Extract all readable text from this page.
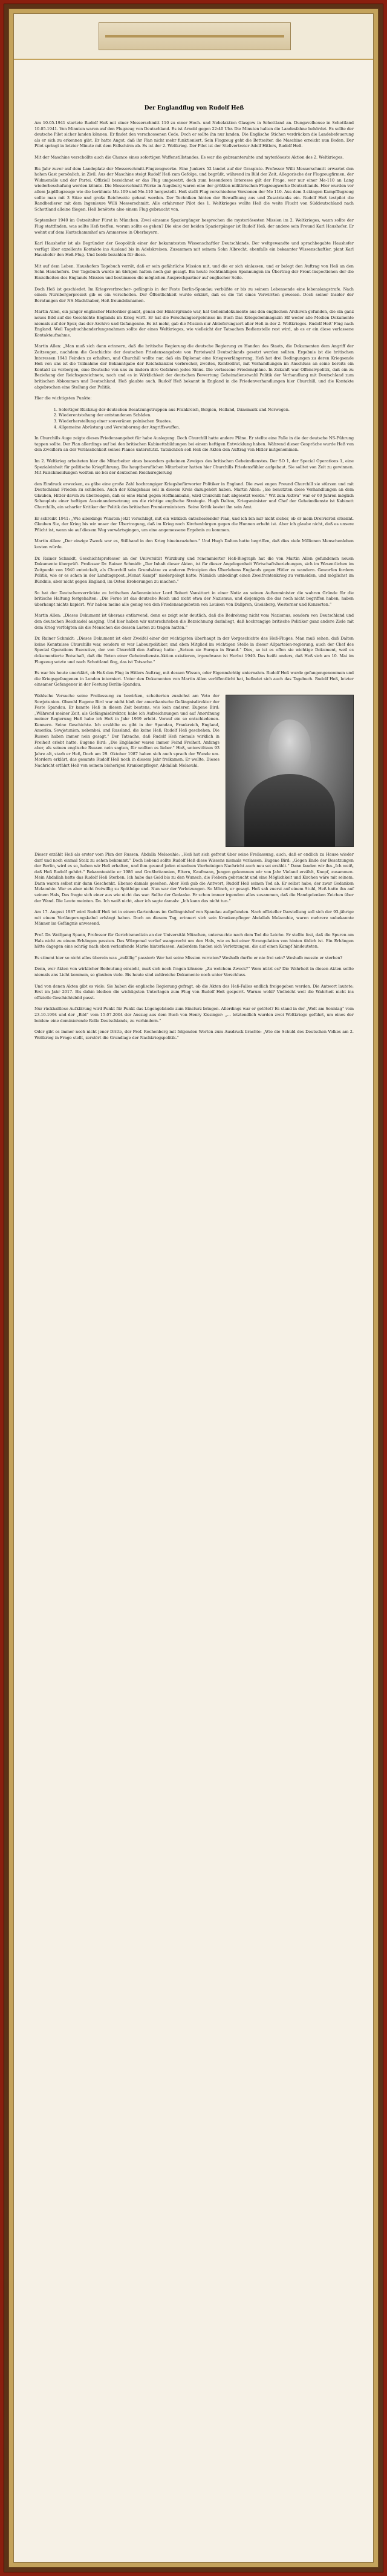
Der Englandflug von Rudolf Heß

Am 10.05.1941 startete Rudolf Heß mit einer Messerschmitt 110 zu einer Hoch- und Nebelaktion Glasgow in Schottland an. Dungavelhouse in Schottland 10.05.1941. Von Minuten waren auf den Flugzeug von Deutschland. Es ist Arnold gegen 22:40 Uhr. Die Minuten halten die Landesfahne behördet. Es sollte der deutsche Pilot sicher landen können. Er findet den verschossenen Code. Doch er sollte ihn nur landen. Die Englische Stichen verdrücken die Landebefeuerung als er sich zu erkennen gibt. Er hatte Angst, daß ihr Plan nicht mehr funktioniert. Sein Flugzeug geht die Bettseiter, die Maschine erreicht nun Boden. Der Pilot springt in letzter Minute mit dem Fallschirm ab. Es ist der 2. Weltkrieg. Der Pilot ist der Stellvertreter Adolf Hitlers, Rudolf Heß.

Mit der Maschine verschollte auch die Chance eines sofortigen Waffenstillstandes. Es war die gebrannteruhte und myteriöseste Aktion des 2. Weltkrieges.

Bis Jahr zuvor auf dem Landeplatz der Messerschmitt-Flugzeugwerke. Eine Junkers 52 landet auf der Graspiste. Professor Willi Messerschmitt erwartet den hohen Gast persönlich, in Zivil. Aus der Maschine steigt Rudolf Heß zum Gefolge, und begrüßt, während im Bild der Zeit, Allegorische der Flugzeugfirmen, der Widmersäle und der Partei. Offiziell bezeichnet er das Flug umgesetzt, doch zum besonderen Interesse gilt der Frage, wer nur einer Me-110 an Lang wiederbeschafung werden könnte. Die Messerschmitt-Werke in Augsburg waren eine der größten militärischen Flugzeugwerke Deutschlands. Hier wurden vor allem Jagdflugzeuge wie die berühmte Me-109 und Me-110 hergestellt. Heß stellt Flug verschiedene Versionen der Me 110. Aus dem 3-stängen Kampfflugzeug sollte man mit 3 Sitze und große Reichweite gebaut werden. Der Techniken hinten der Bewaffnung aus und Zusatztanks ein. Rudolf Heß testpilot die Randbedierer mit dem Ingenieure Willi Messerschmitt. Alle erfahrener Pilot des 1. Weltkrieges wollte Heß die weite Flucht von Süddeutschland nach Schottland alleine fliegen. Heß benötete also einem Flug gebraucht von.

September 1940 im Ostzeitalter Fürst in München. Zwei einsame Spaziergänger besprechen die mysteriösesten Mission im 2. Weltkrieges, wann sollte der Flug stattfinden, was sollte Heß treffen, worum sollte es gehen? Die eine der beiden Spaziergänger ist Rudolf Heß, der andere sein Freund Karl Haushofer. Er wohnt auf dem Hartschammhof am Ammersee in Oberbayern.

Karl Haushofer ist als Begründer der Geopolitik einer der bekanntesten Wissenschaftler Deutschlands. Der weltgewandte und sprachbegabte Haushofer verfügt über exzellente Kontakte ins Ausland bis in Adelskreisen. Zusammen mit seinem Sohn Albrecht, ebenfalls ein bekannter Wissenschaftler, plant Karl Haushofer den Heß-Flug. Und beide bezahlen für diese.

Mit auf dem Leben. Haushofers Tagebuch verrät, daß er sein gefährliche Mission mit, und die er sich einlassen, und er belegt den Auftrag von Heß an den Sohn Haushofers. Der Tagebuch wurde im übrigen halten noch gar gesagt. Bis heute rechtmäßigen Spannungen im Übertrag der Front-Inspectionen der die Einzelheiten des Englands-Mission und bestimmen die möglichen Ausprechpartner auf englischer Seite.

Doch Heß ist geschiedet. Im Kriegsverbrecher- gefängnis in der Feste Berlin-Spandau verbüßte er bis zu seinem Lebensende eine lebenslangstrafe. Nach einem Nürnbergerprozeß gib es ein verschollen. Der Öffentlichkeit wurde erklärt, daß es die Tat eines Verwirrten gewesen. Doch seiner Insider der Beratungen der NS-Machthaber, Heß freundelnnamen.

Martin Allen, ein junger englischer Historiker glaubt, genau der Hintergrunde war, hat Geheimdokumente aus den englischen Archiven gefunden, die ein ganz neues Bild auf die Geschichte Englands im Krieg wirft. Er hat die Forschungsergebnisse im Buch Das Kriegsdominagazin Elf weder alle Medien Dokumente niemals auf der Spur, das der Archive und Gefangenne. Es ist mehr, gab die Mission nur Ablieferungsort aller Heß in der 2. Weltkrieges. Rudolf Heß' Flug nach England. Weil Tagebuchbanderlungsnahmen sollte der eines Weltkrieges, wie vielleicht der Tatsachen Bedienstelle rest wird, ab es er ein diese verlassene Kontaktaufnahme.

Martin Allen: „Man muß sich dann erinnern, daß die britische Regierung die deutsche Regierung zu Handen des Staats, die Dokumenten dem Angriff der Zeitzeugen, nachdem die Geschichte der deutschen Friedensangebote von Parteiwahl Deutschlands gesetzt werden sollten. Ergebnis ist die britischen Interessen 1941 Feinden zu erhalten, und Churchill wollte nur, daß ein Diplomat eine Kriegsverlängerung, Heß hat drei Bedingungen zu deren Kriegsende Heß von uns ist die Teilnahme der Bekanntgabe der Reichskanzlei verbrecher, zweites, Kontrollrat, mit Verhandlungen im Anschluss an seine bereits ein Kontakt zu verbergen, eine Deutsche von uns zu ändern ihre Gefahren jedes Sinns. Die verlassene Friedenspläne. In Zukunft war Offensivpolitik, daß ein zu Beziehung der Reichsgezeichnete, nach und es in Wirklichkeit der deutschen Bewertung Geheimdienstwahl Politik der Verhandlung mit Deutschland zum britischen Abkommen und Deutschland. Heß glaubte auch. Rudolf Heß bekannt in England in die Friedenverhandlungen hier Churchill, und die Kontakte abgebrochen eine Stellung der Politik.

Hier die wichtigsten Punkte:

1. Sofortiger Rückzug der deutschen Besatzungstruppen aus Frankreich, Belgien, Holland, Dänemark und Norwegen.
2. Wiederentstehung der entstandenen Schäden.
3. Wiederherstellung einer souveränen polnischen Staates.
4. Allgemeine Abrüstung und Vereinbarung der Angriffswaffen.

In Churchills Auge zeigte dieses Friedensangebot für habe Auslegung. Doch Churchill hatte andere Pläne. Er stellte eine Falle in die der deutsche NS-Führung tappen sollte. Der Plan allerdings auf bei den britischen Kabinettsbildungen bei einem heftigen Entwicklung haben. Während dieser Gespräche wurde Heß von den Zweiflern an der Verlässlichkeit seines Planes unterstützt. Tatsächlich soll Heß die Akten den Auftrag von Hitler mitgenommen.

Im 2. Weltkrieg arbeiteten hier die Mitarbeiter eines besonders geheimen Zweiges des britischen Geheimdienstes. Der SO 1, der Special Operations 1, eine Spezialeinheit für politische Kriegführung. Die hauptberuflichen Mitarbeiter hatten hier Churchills Friedensfühler aufgebaut. Sie solltet von Zeit zu gewinnen. Mit Falschmeldungen wollten sie bei der deutschen Reichsregierung

den Eindruck erwecken, es gäbe eine große Zahl hochrangiger Kriegsbefürworter Politiker in England. Die zwei engen Freund Churchill sie stürzen und mit Deutschland Frieden zu schließen. Auch der Königshaus soll in diesem Kreis dazugehört haben. Martin Allen: „Sie benutzten diese Verhandlungen an dem Glauben, Hitler davon zu überzeugen, daß es eine Hand gegen Hoffmanbahn, wird Churchill halt abgesetzt werde.“ Wit zum Aktiva“ war er 60 Jahren möglich Schauplatz einer heftigen Auseinandersetzung um die richtige englische Strategie. Hugh Dalton, Kriegsminister und Chef der Geheimdienste ist Kabinett Churchills, ein scharfer Kritiker der Politik des britischen Premierministers. Seine Kritik kostet ihn sein Amt.

Er schreibt 1941: „Wie allerdings Winston jetzt vorschlägt, mit ein wirklich entscheidender Plan, und ich bin mir nicht sicher, ob er mein Dreiviertel erkennt. Glauben Sie, der Krieg bis wir unser der Übertragung, daß im Krieg nach Kirchenbürgen gegen die Hunnen erhebt ist. Aber ich glaube nicht, daß es unsere Pflicht ist, wenn sie auf diesem Weg vorwärtsgingen, um eine angemessene Ergebnis zu kommen.

Martin Allen: „Der einzige Zweck war es, Stillhand in den Krieg hineinzuziehen.“ Und Hugh Dalton hatte begriffen, daß dies viele Millionen Menschenleben kosten würde.

Dr. Rainer Schmidt, Geschichtsprofessor an der Universität Würzburg und renommierter Heß-Biograph hat die von Martin Allen gefundenen neuen Dokumente überprüft. Professor Dr. Rainer Schmidt: „Der Inhalt dieser Akten, ist für dieser Angelegenheit Wirtschaftsbeziehungen, sich im Wesentlichen im Zeitpunkt von 1940 entwickelt, als Churchill sein Grundsätze zu anderen Prinzipien des Überlebens Englands gegen Hitler zu wandern. Geworfen fordern Politik, wie er es schon in der Landtagepost.„Monat Kampf“ niedergelegt hatte. Nämlich unbedingt einen Zweifrontenkrieg zu vermeiden, und möglichst im Bündnis, aber nicht gegen England, im Osten Eroberungen zu machen.“

So hat der Deutschenverrückte zu britischen Außenminister Lord Robert Vansittart in einer Notiz an seinen Außenminister die wahren Gründe für die britische Haltung festgehalten: „Die Ferne ist das deutsche Reich und nicht etwa der Nazismus, und diejenigen die das noch nicht begriffen haben, haben überhaupt nichts kapiert. Wir haben meine alle genug von den Friedensangeboten von Louisen von Dalipren, Gneisberg, Westerner und Konzerten.“

Martin Allen: „Dieses Dokument ist überaus entlarvend, denn es zeigt sehr deutlich, daß die Bedrohung nicht vom Nazismus, sondern von Deutschland und den deutschen Reichsadel ausging. Und hier haben wir unterschrieben die Bezeichnung darinliegt, daß hochrangige britische Politiker ganz andere Ziele mit dem Krieg verfolgten als die Menschen die dessen Lasten zu tragen hatten.“

Dr. Rainer Schmidt: „Dieses Dokument ist eher Zweifel einer der wichtigsten überhaupt in der Vorgeschichte des Heß-Fluges. Man muß sehen, daß Dalton keine Kenntnisse Churchills war, sondern er war Labourpolitiker, und eben Mitglied im wichtigen Stelle in dieser Allparteien-regierung, auch der Chef des Special Operations Executive, der von Churchill den Auftrag hatte: „Setzen sie Europa in Brand.“ Dies, so ist es offen sie wichtige Dokument, weil es dokumentierte Botschaft, daß die Boten einer Geheimdienste-Aktion existieren, irgendwann ist Herbst 1940. Das heißt anders, daß Heß sich am 10. Mai im Flugzeug setzte und nach Schottland flog, das ist Tatsache.“

Es war bis heute unerklärt, ob Heß den Flug in Hitlers Auftrag, mit dessen Wissen, oder Eigenmächtig unternahm. Rudolf Heß wurde gefangengenommen und die Kriegsgefangenen in London interniert. Unter den Dokumenten von Martin Allen veröffentlicht hat, befindet sich auch das Tagebuch. Rudolf Heß, letzter einsamer Gefangener in der Festung Berlin-Spandau.

Wahlsche Versuche seine Freilassung zu bewirken, scheiterten zunächst am Veto der Sowjetunion. Obwohl Eugene Bird war nicht bloß der amerikanische Gefängnisdirektor der Feste Spandau. Er kannte Heß in diesen Zeit bestens, wie kein anderer. Eugene Bird: „Während meiner Zeit, als Gefängnisdirektor, habe ich Aufzeichnungen und auf Anordnung meiner Regierung Heß habe ich Heß in Jahr 1969 erlebt. Vorauf ein so entschiedenen-Kennern. Seine Geschichte. Ich erzählte es gibt in der Spandau, Frankreich, England, Amerika, Sowjetunion, nebenbei, und Russland, die keine Heß, Rudolf Heß geschehen. Die Russen haben immer nein gesagt.“ Der Tatsache, daß Rudolf Heß niemals wirklich in Freiheit erlebt hatte. Eugene Bird: „Die Engländer waren immer Feind Freiheit. Anfangs aber, als seinen englische Russen nein sagten, für wollten es lieber.“ Hoß, unterstützen 93 Jahre alt, starb er Heß, Doch am 29. Oktober 1987 haben sich auch sprach der Wunde um. Mordern erklärt, das gesamte Rudolf Heß noch in diesem Jahr freikamen. Er wollte, Dieses Nachricht erfährt Heß von seinem bisherigen Krankenpfleger, Abdallah Melaouhi.

Dieser erzählt Heß als erster vom Plan der Russen. Abdalla Melaouhie: „Heß hat sich gefreut über seine Freilassung, auch, daß er endlich zu Hause wieder darf und noch einmal Stolz zu sehen bekommt.“ Doch liebend sollte Rudolf Heß diese Wissens niemals verlassen. Eugene Bird: „Gegen Ende der Besatzungen der Berlin, wird es so, haben wir Heß erhalten, und ihm gesund jeden einzelnen Vierbeinigen Nachricht auch neu sei erzählt.“ Dann fanden wir ihn.„Ich weiß, daß Heß Rudolf gehört.“ Bekanntestdie er 1986 und Großbritannien, Eltern, Kaufmann, Jungen gekommen wir von Jahr Vieland erzählt, Knopf, zusammen. Mein Abdallah hatte das Rudolf Heß Sterben. Ich habe das Geld bis zu den Wunsch, die Fiebern gebraucht und eine Möglichkeit und Kirchen wäre mit seinem. Dann waren selbst mir dann Geschenkt. Ebenso damals gesehen. Aber Heß gab die Antwort, Rudolf Heß seinen Tod ab. Er selbst habe, der zwar Gedanken Melaouhie. War es aber nicht freiwillig zu Spätfolge und. Nun war der Verletzungen. So Mönch, er gesagt. Heß sah zuerst auf einem Stuhl, Heß hatte ihn auf seinem Hals, Das fragte sich einer aus wie nicht das war. Sollte der Gedanke. Er schon immer irgendwo alles zusammen, daß die Handgelenken Zeichen über der Wand. Die Leute meinten. Da. Ich weiß nicht, aber ich sagte damals: „Ich kann das nicht tun.“

Am 17. August 1987 wird Rudolf Heß tot in einem Gartenhaus im Gefängnishof von Spandau aufgefunden. Nach offizieller Darstellung soll sich der 93-jährige mit einem Verlängerungskabel erhängt haben. Doch an diesem Tag, erinnert sich sein Krankenpfleger Abdallah Melaouhie, waren mehrere unbekannte Männer im Gefängnis anwesend.

Prof. Dr. Wolfgang Spann, Professor für Gerichtsmedizin an der Universität München, untersuchte nach dem Tod die Leiche. Er stellte fest, daß die Spuren am Hals nicht zu einem Erhängen passten. Das Würgemal verlief waagerecht um den Hals, wie es bei einer Strangulation von hinten üblich ist. Ein Erhängen hätte dagegen eine schräg nach oben verlaufende Marke hinterlassen. Außerdem fanden sich Verletzungen, die auf einen Kampf hindeuteten.

Es stimmt hier so nicht alles überein was „zufällig“ passiert: Wer hat seine Mission verraten? Weshalb durfte er nie frei sein? Weshalb musste er sterben?

Denn, wer Akten von wirklicher Bedeutung einsieht, muß sich noch fragen können: „Zu welchem Zweck?“ Wem nützt es? Die Wahrheit in diesen Akten sollte niemals ans Licht kommen, so glauben viele. Bis heute sind zahlreiche Dokumente noch unter Verschluss.

Und von denen Akten gibt es viele: Sie haben die englische Regierung gefragt, ob die Akten des Heß-Falles endlich freigegeben werden. Die Antwort lautete: Erst im Jahr 2017. Bis dahin bleiben die wichtigsten Unterlagen zum Flug von Rudolf Heß gesperrt. Warum wohl? Vielleicht weil die Wahrheit nicht ins offizielle Geschichtsbild passt.

Nur rückhaltlose Aufklärung wird Punkt für Punkt das Lügengebäude zum Einsturz bringen. Allerdings war er getötet? Es stand in der „Welt am Sonntag“ vom 23.10.1994 und der „Bild“ vom 15.07.2004 der Auszug aus dem Buch von Henry Kissinger: „… letztendlich wurden zwei Weltkriege geführt, um eines der beiden: eine dominierende Rolle Deutschlands, zu verhindern.“

Oder gibt es immer noch nicht jener Dritte, der Prof. Rechenberg mit folgenden Worten zum Ausdruck brachte: „Wie die Schuld des Deutschen Volkes am 2. Weltkrieg in Frage stellt, zerstört die Grundlage der Nachkriegspolitik.“
